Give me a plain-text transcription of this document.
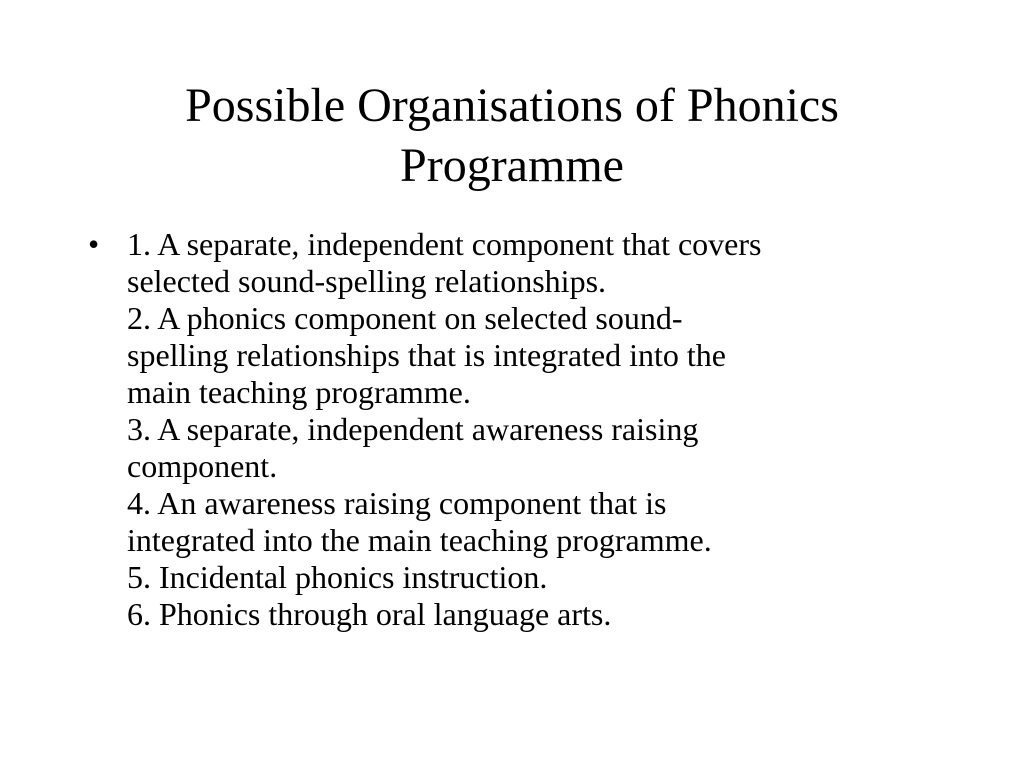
Possible Organisations of Phonics
Programme
• 1. A separate, independent component that covers
selected sound-spelling relationships.
2. A phonics component on selected sound-
spelling relationships that is integrated into the
main teaching programme.
3. A separate, independent awareness raising
component.
4. An awareness raising component that is
integrated into the main teaching programme.
5. Incidental phonics instruction.
6. Phonics through oral language arts.
